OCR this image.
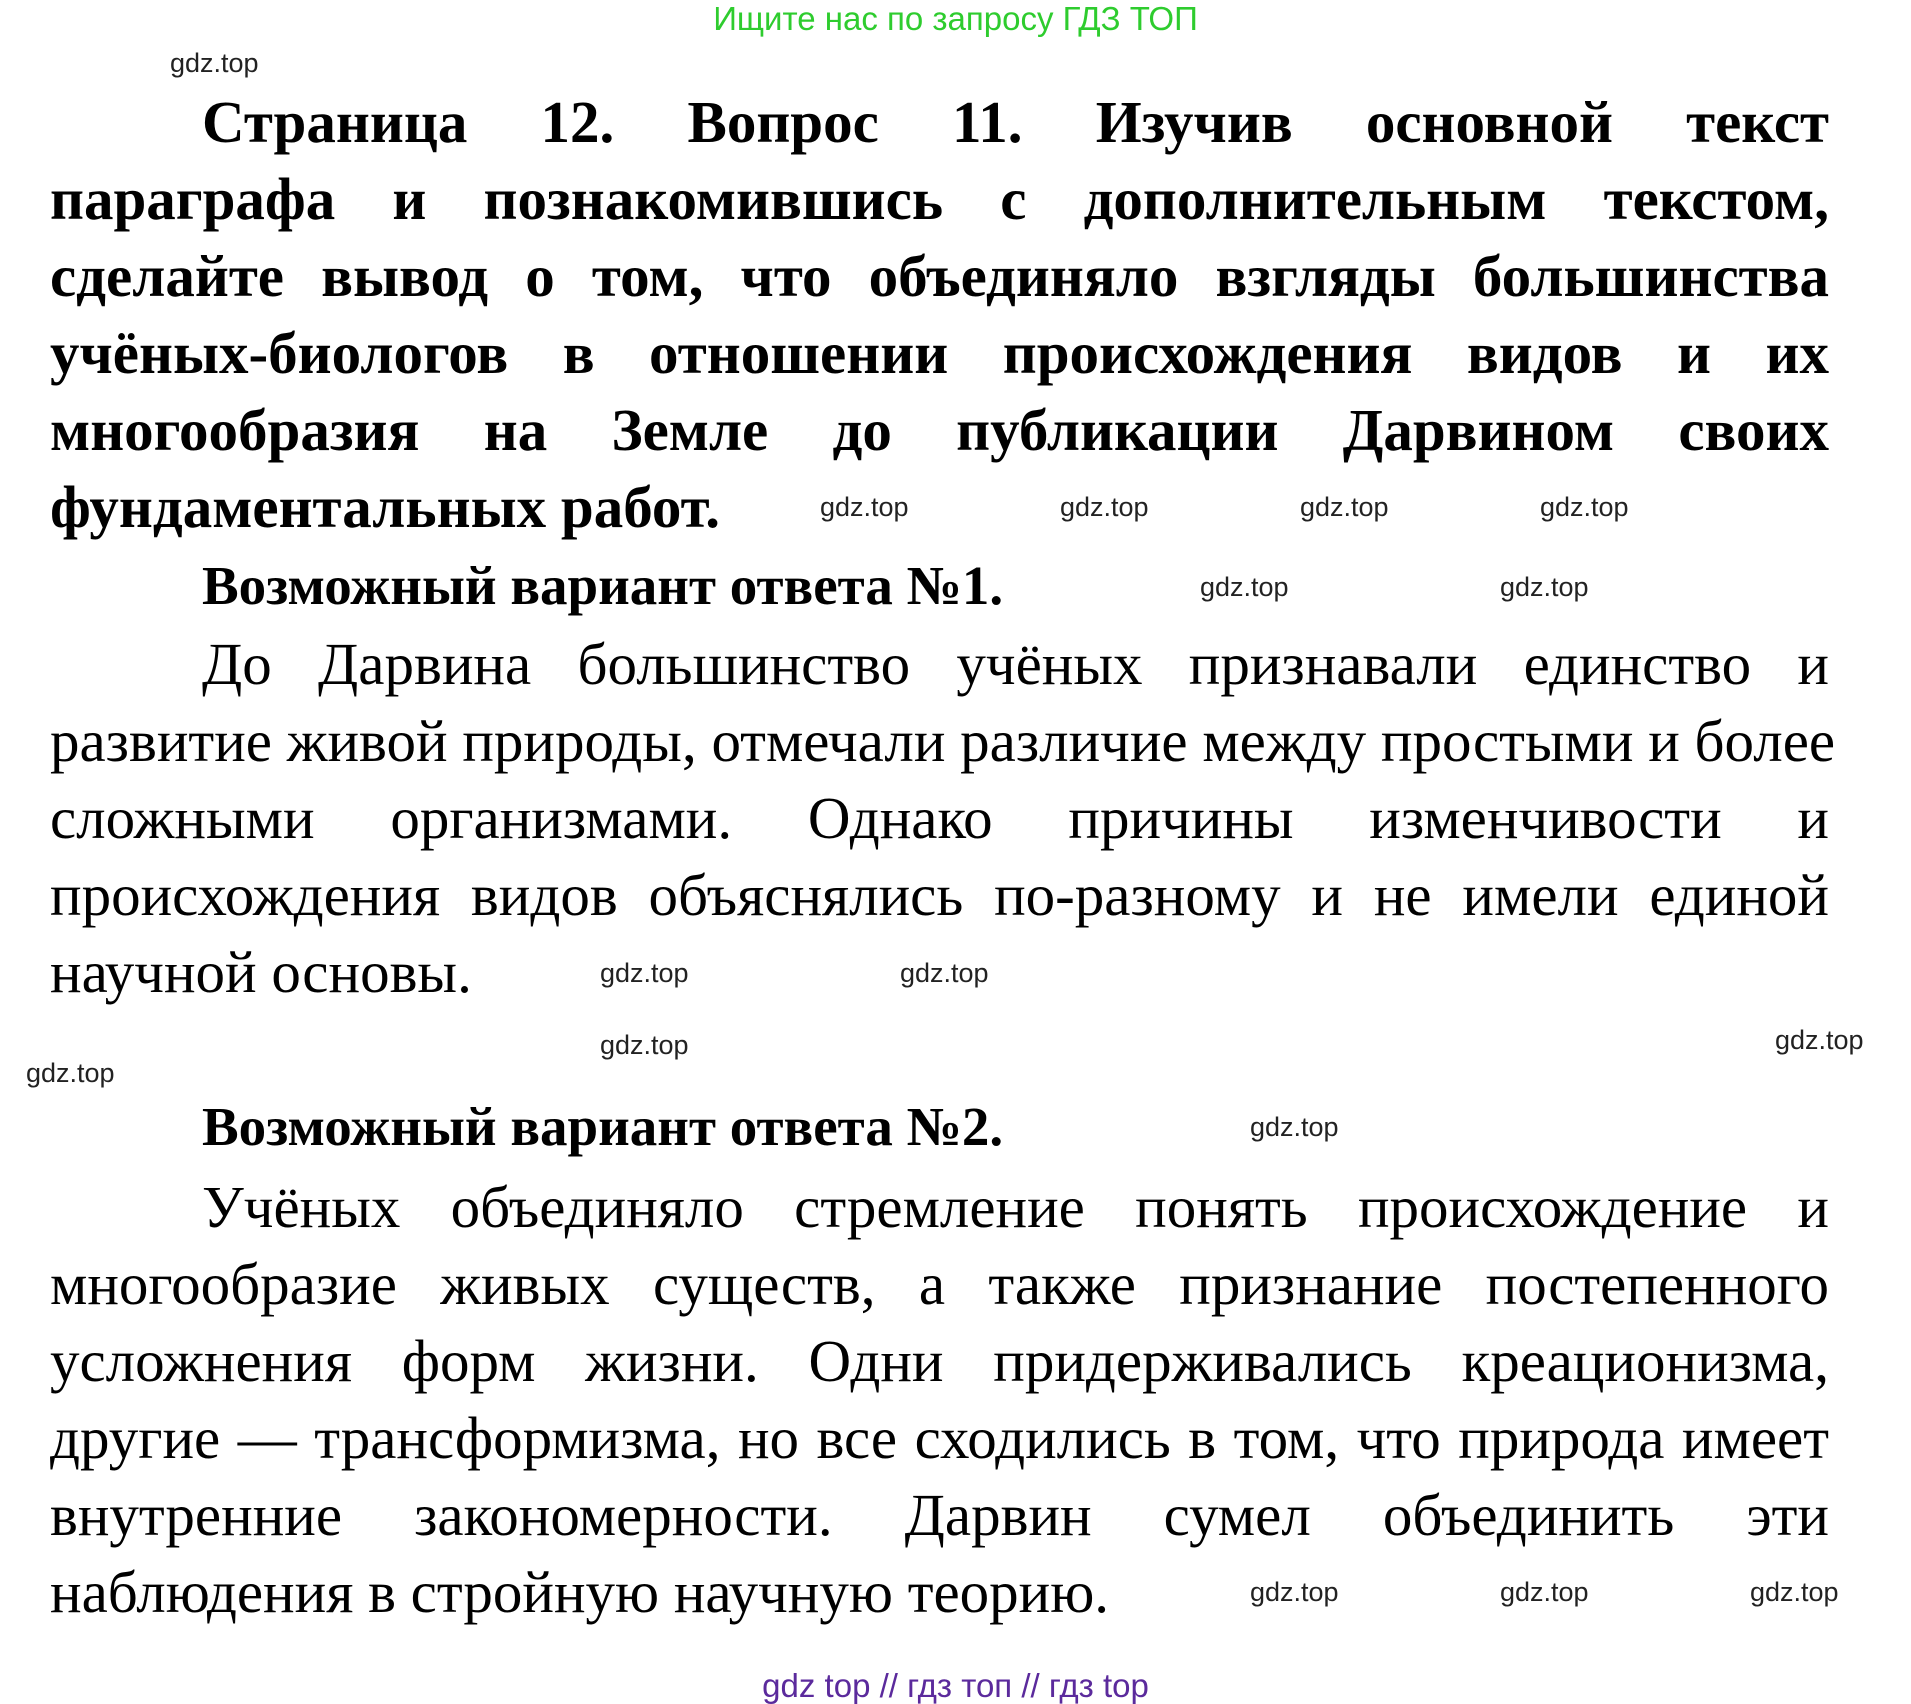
Ищите нас по запросу ГДЗ ТОП
Страница 12. Вопрос 11. Изучив основной текст
параграфа и познакомившись с дополнительным текстом,
сделайте вывод о том, что объединяло взгляды большинства
учёных-биологов в отношении происхождения видов и их
многообразия на Земле до публикации Дарвином своих
фундаментальных работ.
Возможный вариант ответа №1.
До Дарвина большинство учёных признавали единство и
развитие живой природы, отмечали различие между простыми и более
сложными организмами. Однако причины изменчивости и
происхождения видов объяснялись по-разному и не имели единой
научной основы.
Возможный вариант ответа №2.
Учёных объединяло стремление понять происхождение и
многообразие живых существ, а также признание постепенного
усложнения форм жизни. Одни придерживались креационизма,
другие — трансформизма, но все сходились в том, что природа имеет
внутренние закономерности. Дарвин сумел объединить эти
наблюдения в стройную научную теорию.
gdz.top
gdz.top	gdz.top	gdz.top	gdz.top
gdz.top	gdz.top
gdz.top	gdz.top
gdz.top
gdz.top
gdz.top
gdz.top
gdz.top	gdz.top	gdz.top
gdz top // гдз топ // гдз top
